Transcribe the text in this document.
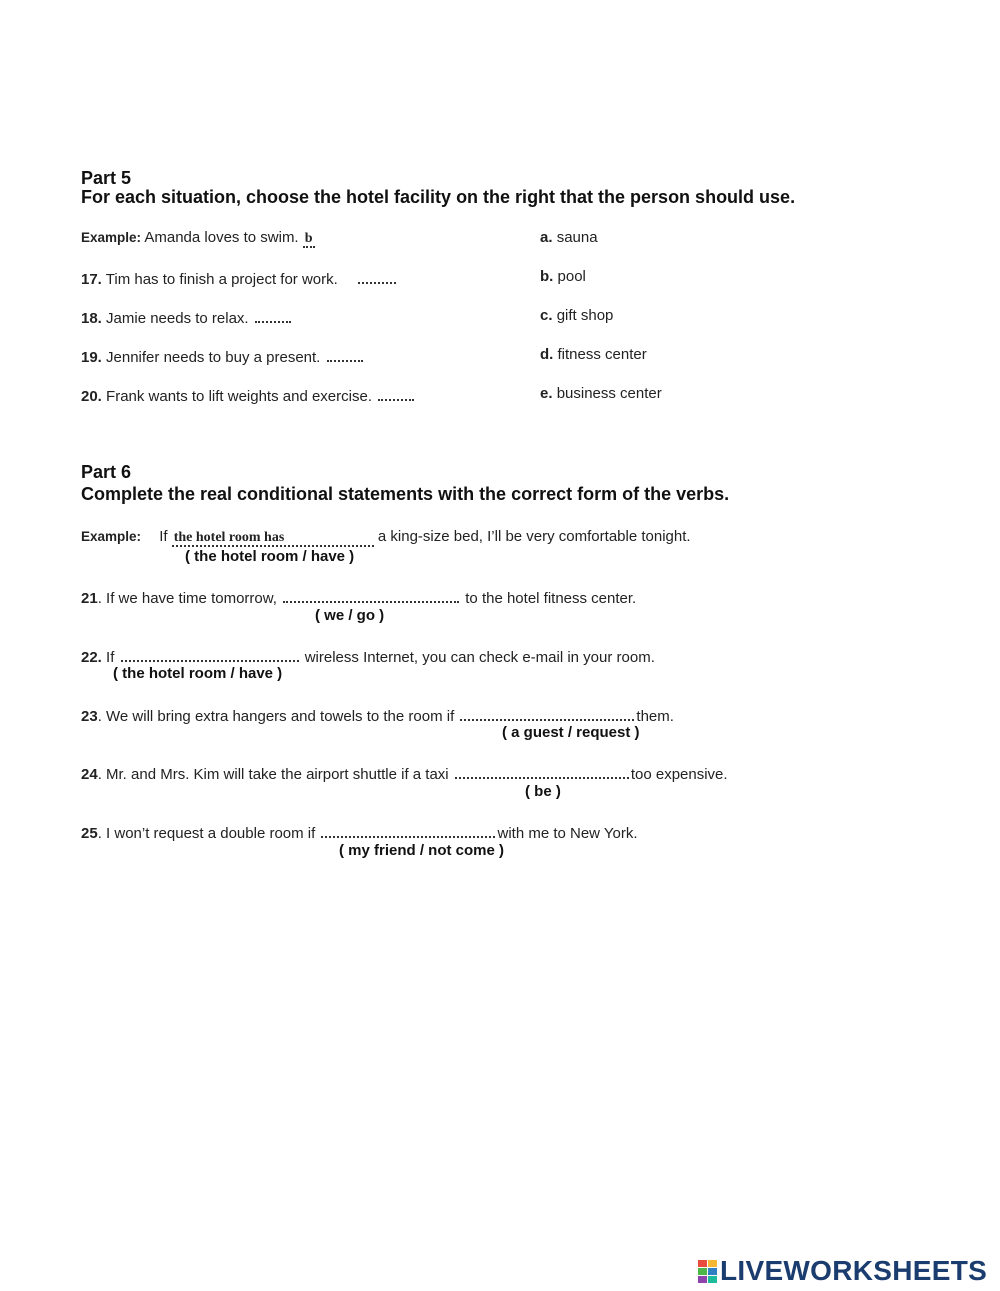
Part 5
For each situation, choose the hotel facility on the right that the person should use.
Example: Amanda loves to swim. b
17. Tim has to finish a project for work.
18. Jamie needs to relax.
19. Jennifer needs to buy a present.
20. Frank wants to lift weights and exercise.
a. sauna
b. pool
c. gift shop
d. fitness center
e. business center
Part 6
Complete the real conditional statements with the correct form of the verbs.
Example: If the hotel room has	a king-size bed, I’ll be very comfortable tonight.
( the hotel room / have )
21. If we have time tomorrow,	to the hotel fitness center.
( we / go )
22. If	wireless Internet, you can check e-mail in your room.
( the hotel room / have )
23. We will bring extra hangers and towels to the room if	them.
( a guest / request )
24. Mr. and Mrs. Kim will take the airport shuttle if a taxi	too expensive.
( be )
25. I won’t request a double room if	with me to New York.
( my friend / not come )
LIVEWORKSHEETS
